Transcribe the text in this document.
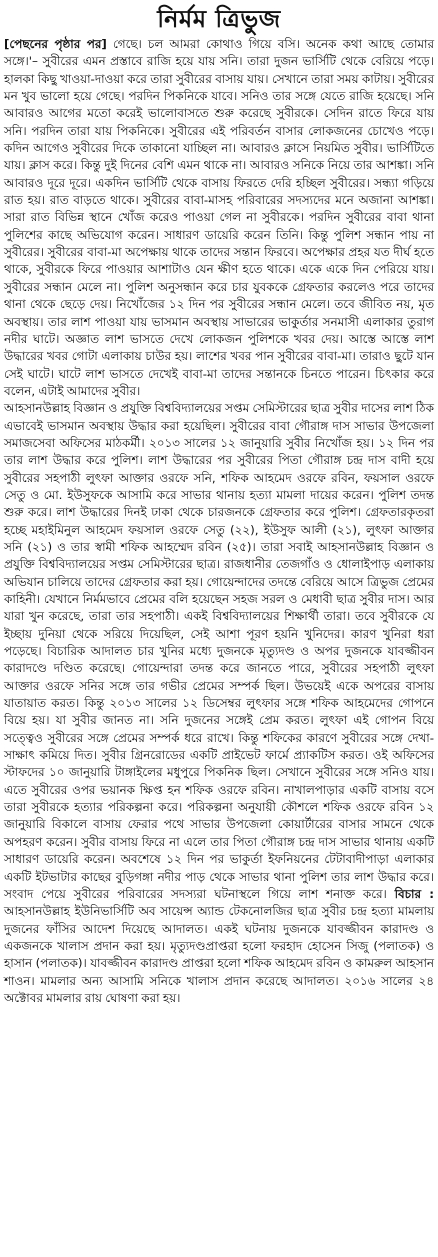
নির্মম ত্রিভুজ

[পেছনের পৃষ্ঠার পর] গেছে। চল আমরা কোথাও গিয়ে বসি। অনেক কথা আছে তোমার সঙ্গে।'– সুবীরের এমন প্রস্তাবে রাজি হয়ে যায় সনি। তারা দুজন ভার্সিটি থেকে বেরিয়ে পড়ে। হালকা কিছু খাওয়া-দাওয়া করে তারা সুবীরের বাসায় যায়। সেখানে তারা সময় কাটায়। সুবীরের মন খুব ভালো হয়ে গেছে। পরদিন পিকনিকে যাবে। সনিও তার সঙ্গে যেতে রাজি হয়েছে। সনি আবারও আগের মতো করেই ভালোবাসতে শুরু করেছে সুবীরকে। সেদিন রাতে ফিরে যায় সনি। পরদিন তারা যায় পিকনিকে। সুবীরের এই পরিবর্তন বাসার লোকজনের চোখেও পড়ে। কদিন আগেও সুবীরের দিকে তাকানো যাচ্ছিল না। আবারও ক্লাসে নিয়মিত সুবীর। ভার্সিটিতে যায়। ক্লাস করে। কিন্তু দুই দিনের বেশি এমন থাকে না। আবারও সনিকে নিয়ে তার আশঙ্কা। সনি আবারও দূরে দূরে। একদিন ভার্সিটি থেকে বাসায় ফিরতে দেরি হচ্ছিল সুবীরের। সন্ধ্যা গড়িয়ে রাত হয়। রাত বাড়তে থাকে। সুবীরের বাবা-মাসহ পরিবারের সদস্যদের মনে অজানা আশঙ্কা। সারা রাত বিভিন্ন স্থানে খোঁজ করেও পাওয়া গেল না সুবীরকে। পরদিন সুবীরের বাবা থানা পুলিশের কাছে অভিযোগ করেন। সাধারণ ডায়েরি করেন তিনি। কিন্তু পুলিশ সন্ধান পায় না সুবীরের। সুবীরের বাবা-মা অপেক্ষায় থাকে তাদের সন্তান ফিরবে। অপেক্ষার প্রহর যত দীর্ঘ হতে থাকে, সুবীরকে ফিরে পাওয়ার আশাটাও যেন ক্ষীণ হতে থাকে। একে একে দিন পেরিয়ে যায়। সুবীরের সন্ধান মেলে না। পুলিশ অনুসন্ধান করে চার যুবককে গ্রেফতার করলেও পরে তাদের থানা থেকে ছেড়ে দেয়। নিখোঁজের ১২ দিন পর সুবীরের সন্ধান মেলে। তবে জীবিত নয়, মৃত অবস্থায়। তার লাশ পাওয়া যায় ভাসমান অবস্থায় সাভারের ভাকুর্তার সনমাসী এলাকার তুরাগ নদীর ঘাটে। অজ্ঞাত লাশ ভাসতে দেখে লোকজন পুলিশকে খবর দেয়। আস্তে আস্তে লাশ উদ্ধারের খবর গোটা এলাকায় চাউর হয়। লাশের খবর পান সুবীরের বাবা-মা। তারাও ছুটে যান সেই ঘাটে। ঘাটে লাশ ভাসতে দেখেই বাবা-মা তাদের সন্তানকে চিনতে পারেন। চিৎকার করে বলেন, এটাই আমাদের সুবীর।

আহসানউল্লাহ বিজ্ঞান ও প্রযুক্তি বিশ্ববিদ্যালয়ের সপ্তম সেমিস্টারের ছাত্র সুবীর দাসের লাশ ঠিক এভাবেই ভাসমান অবস্থায় উদ্ধার করা হয়েছিল। সুবীরের বাবা গৌরাঙ্গ দাস সাভার উপজেলা সমাজসেবা অফিসের মাঠকর্মী। ২০১৩ সালের ১২ জানুয়ারি সুবীর নিখোঁজ হয়। ১২ দিন পর তার লাশ উদ্ধার করে পুলিশ। লাশ উদ্ধারের পর সুবীরের পিতা গৌরাঙ্গ চন্দ্র দাস বাদী হয়ে সুবীরের সহপাঠী লুৎফা আক্তার ওরফে সনি, শফিক আহমেদ ওরফে রবিন, ফয়সাল ওরফে সেতু ও মো. ইউসুফকে আসামি করে সাভার থানায় হত্যা মামলা দায়ের করেন। পুলিশ তদন্ত শুরু করে। লাশ উদ্ধারের দিনই ঢাকা থেকে চারজনকে গ্রেফতার করে পুলিশ। গ্রেফতারকৃতরা হচ্ছে মহাইমিনুল আহমেদ ফয়সাল ওরফে সেতু (২২), ইউসুফ আলী (২১), লুৎফা আক্তার সনি (২১) ও তার স্বামী শফিক আহম্মেদ রবিন (২৫)। তারা সবাই আহসানউল্লাহ বিজ্ঞান ও প্রযুক্তি বিশ্ববিদ্যালয়ের সপ্তম সেমিস্টারের ছাত্র। রাজধানীর তেজগাঁও ও ধোলাইপাড় এলাকায় অভিযান চালিয়ে তাদের গ্রেফতার করা হয়। গোয়েন্দাদের তদন্তে বেরিয়ে আসে ত্রিভুজ প্রেমের কাহিনী। যেখানে নির্মমভাবে প্রেমের বলি হয়েছেন সহজ সরল ও মেধাবী ছাত্র সুবীর দাস। আর যারা খুন করেছে, তারা তার সহপাঠী। একই বিশ্ববিদ্যালয়ের শিক্ষার্থী তারা। তবে সুবীরকে যে ইচ্ছায় দুনিয়া থেকে সরিয়ে দিয়েছিল, সেই আশা পূরণ হয়নি খুনিদের। কারণ খুনিরা ধরা পড়েছে। বিচারিক আদালত চার খুনির মধ্যে দুজনকে মৃত্যুদণ্ড ও অপর দুজনকে যাবজ্জীবন কারাদণ্ডে দণ্ডিত করেছে। গোয়েন্দারা তদন্ত করে জানতে পারে, সুবীরের সহপাঠী লুৎফা আক্তার ওরফে সনির সঙ্গে তার গভীর প্রেমের সম্পর্ক ছিল। উভয়েই একে অপরের বাসায় যাতায়াত করত। কিন্তু ২০১৩ সালের ১২ ডিসেম্বর লুৎফার সঙ্গে শফিক আহমেদের গোপনে বিয়ে হয়। যা সুবীর জানত না। সনি দুজনের সঙ্গেই প্রেম করত। লুৎফা এই গোপন বিয়ে সত্ত্বেও সুবীরের সঙ্গে প্রেমের সম্পর্ক ধরে রাখে। কিন্তু শফিকের কারণে সুবীরের সঙ্গে দেখা-সাক্ষাৎ কমিয়ে দিত। সুবীর গ্রিনরোডের একটি প্রাইভেট ফার্মে প্র্যাকটিস করত। ওই অফিসের স্টাফদের ১০ জানুয়ারি টাঙ্গাইলের মধুপুরে পিকনিক ছিল। সেখানে সুবীরের সঙ্গে সনিও যায়। এতে সুবীরের ওপর ভয়ানক ক্ষিপ্ত হন শফিক ওরফে রবিন। নাখালপাড়ার একটি বাসায় বসে তারা সুবীরকে হত্যার পরিকল্পনা করে। পরিকল্পনা অনুযায়ী কৌশলে শফিক ওরফে রবিন ১২ জানুয়ারি বিকালে বাসায় ফেরার পথে সাভার উপজেলা কোয়ার্টারের বাসার সামনে থেকে অপহরণ করেন। সুবীর বাসায় ফিরে না এলে তার পিতা গৌরাঙ্গ চন্দ্র দাস সাভার থানায় একটি সাধারণ ডায়েরি করেন। অবশেষে ১২ দিন পর ভাকুর্তা ইফনিয়নের টেটাবাদীপাড়া এলাকার একটি ইটভাটার কাছের বুড়িগঙ্গা নদীর পাড় থেকে সাভার থানা পুলিশ তার লাশ উদ্ধার করে। সংবাদ পেয়ে সুবীরের পরিবারের সদস্যরা ঘটনাস্থলে গিয়ে লাশ শনাক্ত করে। বিচার : আহসানউল্লাহ ইউনিভার্সিটি অব সায়েন্স অ্যান্ড টেকনোলজির ছাত্র সুবীর চন্দ্র হত্যা মামলায় দুজনের ফাঁসির আদেশ দিয়েছে আদালত। একই ঘটনায় দুজনকে যাবজ্জীবন কারাদণ্ড ও একজনকে খালাস প্রদান করা হয়। মৃত্যুদণ্ডপ্রাপ্তরা হলো ফরহাদ হোসেন সিজু (পলাতক) ও হাসান (পলাতক)। যাবজ্জীবন কারাদণ্ড প্রাপ্তরা হলো শফিক আহমেদ রবিন ও কামরুল আহসান শাওন। মামলার অন্য আসামি সনিকে খালাস প্রদান করেছে আদালত। ২০১৬ সালের ২৪ অক্টোবর মামলার রায় ঘোষণা করা হয়।
